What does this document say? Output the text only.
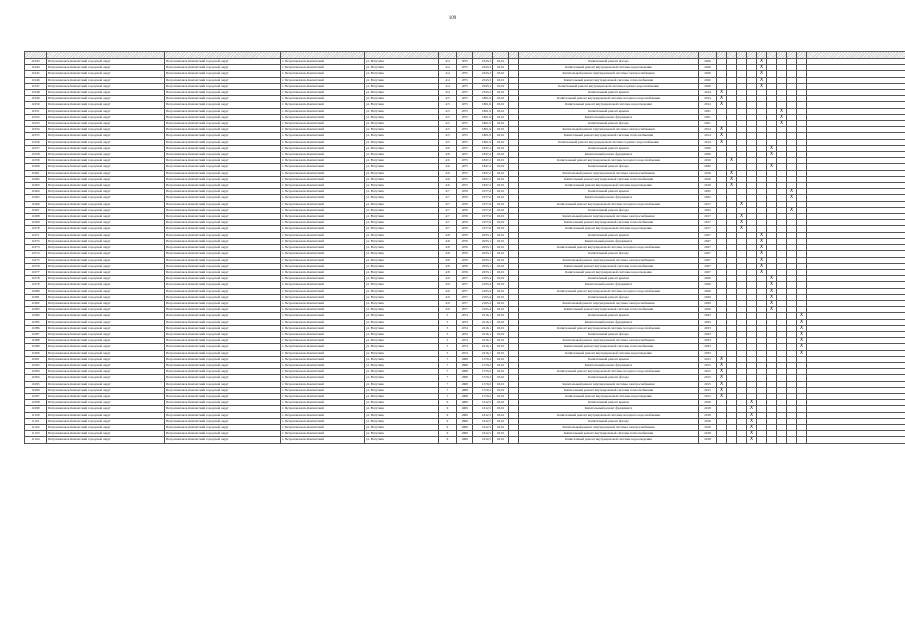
109

11043	Петропавловск-Камчатский городской округ	Петропавловск-Камчатский городской округ	г. Петропавловск-Камчатский	ул. Ватутина	4/4	1975	2343,3	18,01		Капитальный ремонт фасада	2026					X					
11044	Петропавловск-Камчатский городской округ	Петропавловск-Камчатский городской округ	г. Петропавловск-Камчатский	ул. Ватутина	4/4	1975	2343,3	18,01		Капитальный ремонт внутридомовой системы водоотведения	2026					X					
11045	Петропавловск-Камчатский городской округ	Петропавловск-Камчатский городской округ	г. Петропавловск-Камчатский	ул. Ватутина	4/4	1975	2343,3	18,01		Капитальный ремонт внутридомовой системы электроснабжения	2026					X					
11046	Петропавловск-Камчатский городской округ	Петропавловск-Камчатский городской округ	г. Петропавловск-Камчатский	ул. Ватутина	4/4	1975	2343,3	18,01		Капитальный ремонт внутридомовой системы теплоснабжения	2026					X					
11047	Петропавловск-Камчатский городской округ	Петропавловск-Камчатский городской округ	г. Петропавловск-Камчатский	ул. Ватутина	4/4	1975	2343,3	18,01		Капитальный ремонт внутридомовой системы горячего водоснабжения	2026					X					
11048	Петропавловск-Камчатский городской округ	Петропавловск-Камчатский городской округ	г. Петропавловск-Камчатский	ул. Ватутина	4/4	1975	2343,3	18,01		Капитальный ремонт крыши	2014	X									
11049	Петропавловск-Камчатский городской округ	Петропавловск-Камчатский городской округ	г. Петропавловск-Камчатский	ул. Ватутина	4/5	1975	1801,9	18,01		Капитальный ремонт внутридомовой системы холодного водоснабжения	2014	X									
11050	Петропавловск-Камчатский городской округ	Петропавловск-Камчатский городской округ	г. Петропавловск-Камчатский	ул. Ватутина	4/5	1975	1801,9	18,01		Капитальный ремонт внутридомовой системы водоотведения	2014	X									
11051	Петропавловск-Камчатский городской округ	Петропавловск-Камчатский городской округ	г. Петропавловск-Камчатский	ул. Ватутина	4/5	1975	1801,9	18,01		Капитальный ремонт крыши	2031							X			
11052	Петропавловск-Камчатский городской округ	Петропавловск-Камчатский городской округ	г. Петропавловск-Камчатский	ул. Ватутина	4/5	1975	1801,9	18,01		Капитальный ремонт фундамента	2031							X			
11053	Петропавловск-Камчатский городской округ	Петропавловск-Камчатский городской округ	г. Петропавловск-Камчатский	ул. Ватутина	4/5	1975	1801,9	18,01		Капитальный ремонт фасада	2031							X			
11054	Петропавловск-Камчатский городской округ	Петропавловск-Камчатский городской округ	г. Петропавловск-Камчатский	ул. Ватутина	4/5	1975	1801,9	18,01		Капитальный ремонт внутридомовой системы электроснабжения	2014	X									
11055	Петропавловск-Камчатский городской округ	Петропавловск-Камчатский городской округ	г. Петропавловск-Камчатский	ул. Ватутина	4/5	1975	1801,9	18,01		Капитальный ремонт внутридомовой системы теплоснабжения	2014	X									
11056	Петропавловск-Камчатский городской округ	Петропавловск-Камчатский городской округ	г. Петропавловск-Камчатский	ул. Ватутина	4/5	1975	1801,9	18,01		Капитальный ремонт внутридомовой системы горячего водоснабжения	2014	X									
11057	Петропавловск-Камчатский городской округ	Петропавловск-Камчатский городской округ	г. Петропавловск-Камчатский	ул. Ватутина	4/6	1975	1847,2	18,01		Капитальный ремонт крыши	2030						X				
11058	Петропавловск-Камчатский городской округ	Петропавловск-Камчатский городской округ	г. Петропавловск-Камчатский	ул. Ватутина	4/6	1975	1847,2	18,01		Капитальный ремонт фундамента	2030						X				
11059	Петропавловск-Камчатский городской округ	Петропавловск-Камчатский городской округ	г. Петропавловск-Камчатский	ул. Ватутина	4/6	1975	1847,2	18,01		Капитальный ремонт внутридомовой системы холодного водоснабжения	2016		X								
11060	Петропавловск-Камчатский городской округ	Петропавловск-Камчатский городской округ	г. Петропавловск-Камчатский	ул. Ватутина	4/6	1975	1847,2	18,01		Капитальный ремонт фасада	2030						X				
11061	Петропавловск-Камчатский городской округ	Петропавловск-Камчатский городской округ	г. Петропавловск-Камчатский	ул. Ватутина	4/6	1975	1847,2	18,01		Капитальный ремонт внутридомовой системы электроснабжения	2016		X								
11062	Петропавловск-Камчатский городской округ	Петропавловск-Камчатский городской округ	г. Петропавловск-Камчатский	ул. Ватутина	4/6	1975	1847,2	18,01		Капитальный ремонт внутридомовой системы теплоснабжения	2016		X								
11063	Петропавловск-Камчатский городской округ	Петропавловск-Камчатский городской округ	г. Петропавловск-Камчатский	ул. Ватутина	4/6	1975	1847,2	18,01		Капитальный ремонт внутридомовой системы водоотведения	2016		X								
11064	Петропавловск-Камчатский городской округ	Петропавловск-Камчатский городской округ	г. Петропавловск-Камчатский	ул. Ватутина	4/7	1976	1977,6	18,01		Капитальный ремонт крыши	2032								X		
11065	Петропавловск-Камчатский городской округ	Петропавловск-Камчатский городской округ	г. Петропавловск-Камчатский	ул. Ватутина	4/7	1976	1977,6	18,01		Капитальный ремонт фундамента	2032								X		
11066	Петропавловск-Камчатский городской округ	Петропавловск-Камчатский городской округ	г. Петропавловск-Камчатский	ул. Ватутина	4/7	1976	1977,6	18,01		Капитальный ремонт внутридомовой системы холодного водоснабжения	2017			X							
11067	Петропавловск-Камчатский городской округ	Петропавловск-Камчатский городской округ	г. Петропавловск-Камчатский	ул. Ватутина	4/7	1976	1977,6	18,01		Капитальный ремонт фасада	2032								X		
11068	Петропавловск-Камчатский городской округ	Петропавловск-Камчатский городской округ	г. Петропавловск-Камчатский	ул. Ватутина	4/7	1976	1977,6	18,01		Капитальный ремонт внутридомовой системы электроснабжения	2017			X							
11069	Петропавловск-Камчатский городской округ	Петропавловск-Камчатский городской округ	г. Петропавловск-Камчатский	ул. Ватутина	4/7	1976	1977,6	18,01		Капитальный ремонт внутридомовой системы теплоснабжения	2017			X							
11070	Петропавловск-Камчатский городской округ	Петропавловск-Камчатский городской округ	г. Петропавловск-Камчатский	ул. Ватутина	4/7	1976	1977,6	18,01		Капитальный ремонт внутридомовой системы водоотведения	2017			X							
11071	Петропавловск-Камчатский городской округ	Петропавловск-Камчатский городской округ	г. Петропавловск-Камчатский	ул. Ватутина	4/8	1976	2033,1	18,01		Капитальный ремонт крыши	2027					X					
11072	Петропавловск-Камчатский городской округ	Петропавловск-Камчатский городской округ	г. Петропавловск-Камчатский	ул. Ватутина	4/8	1976	2033,1	18,01		Капитальный ремонт фундамента	2027					X					
11073	Петропавловск-Камчатский городской округ	Петропавловск-Камчатский городской округ	г. Петропавловск-Камчатский	ул. Ватутина	4/8	1976	2033,1	18,01		Капитальный ремонт внутридомовой системы холодного водоснабжения	2027					X					
11074	Петропавловск-Камчатский городской округ	Петропавловск-Камчатский городской округ	г. Петропавловск-Камчатский	ул. Ватутина	4/8	1976	2033,1	18,01		Капитальный ремонт фасада	2027					X					
11075	Петропавловск-Камчатский городской округ	Петропавловск-Камчатский городской округ	г. Петропавловск-Камчатский	ул. Ватутина	4/8	1976	2033,1	18,01		Капитальный ремонт внутридомовой системы электроснабжения	2027					X					
11076	Петропавловск-Камчатский городской округ	Петропавловск-Камчатский городской округ	г. Петропавловск-Камчатский	ул. Ватутина	4/8	1976	2033,1	18,01		Капитальный ремонт внутридомовой системы теплоснабжения	2027					X					
11077	Петропавловск-Камчатский городской округ	Петропавловск-Камчатский городской округ	г. Петропавловск-Камчатский	ул. Ватутина	4/8	1976	2033,1	18,01		Капитальный ремонт внутридомовой системы водоотведения	2027					X					
11078	Петропавловск-Камчатский городской округ	Петропавловск-Камчатский городской округ	г. Петропавловск-Камчатский	ул. Ватутина	4/9	1977	2165,4	18,01		Капитальный ремонт крыши	2029						X				
11079	Петропавловск-Камчатский городской округ	Петропавловск-Камчатский городской округ	г. Петропавловск-Камчатский	ул. Ватутина	4/9	1977	2165,4	18,01		Капитальный ремонт фундамента	2029						X				
11080	Петропавловск-Камчатский городской округ	Петропавловск-Камчатский городской округ	г. Петропавловск-Камчатский	ул. Ватутина	4/9	1977	2165,4	18,01		Капитальный ремонт внутридомовой системы холодного водоснабжения	2029						X				
11081	Петропавловск-Камчатский городской округ	Петропавловск-Камчатский городской округ	г. Петропавловск-Камчатский	ул. Ватутина	4/9	1977	2165,4	18,01		Капитальный ремонт фасада	2029						X				
11082	Петропавловск-Камчатский городской округ	Петропавловск-Камчатский городской округ	г. Петропавловск-Камчатский	ул. Ватутина	4/9	1977	2165,4	18,01		Капитальный ремонт внутридомовой системы электроснабжения	2029						X				
11083	Петропавловск-Камчатский городской округ	Петропавловск-Камчатский городской округ	г. Петропавловск-Камчатский	ул. Ватутина	4/9	1977	2165,4	18,01		Капитальный ремонт внутридомовой системы теплоснабжения	2029						X				
11084	Петропавловск-Камчатский городской округ	Петропавловск-Камчатский городской округ	г. Петропавловск-Камчатский	ул. Ватутина	5	1974	2216,1	18,01		Капитальный ремонт крыши	2033									X	
11085	Петропавловск-Камчатский городской округ	Петропавловск-Камчатский городской округ	г. Петропавловск-Камчатский	ул. Ватутина	5	1974	2216,1	18,01		Капитальный ремонт фундамента	2033									X	
11086	Петропавловск-Камчатский городской округ	Петропавловск-Камчатский городской округ	г. Петропавловск-Камчатский	ул. Ватутина	5	1974	2216,1	18,01		Капитальный ремонт внутридомовой системы холодного водоснабжения	2033									X	
11087	Петропавловск-Камчатский городской округ	Петропавловск-Камчатский городской округ	г. Петропавловск-Камчатский	ул. Ватутина	5	1974	2216,1	18,01		Капитальный ремонт фасада	2033									X	
11088	Петропавловск-Камчатский городской округ	Петропавловск-Камчатский городской округ	г. Петропавловск-Камчатский	ул. Ватутина	5	1974	2216,1	18,01		Капитальный ремонт внутридомовой системы электроснабжения	2033									X	
11089	Петропавловск-Камчатский городской округ	Петропавловск-Камчатский городской округ	г. Петропавловск-Камчатский	ул. Ватутина	5	1974	2216,1	18,01		Капитальный ремонт внутридомовой системы теплоснабжения	2033									X	
11090	Петропавловск-Камчатский городской округ	Петропавловск-Камчатский городской округ	г. Петропавловск-Камчатский	ул. Ватутина	5	1974	2216,1	18,01		Капитальный ремонт внутридомовой системы водоотведения	2033									X	
11091	Петропавловск-Камчатский городской округ	Петропавловск-Камчатский городской округ	г. Петропавловск-Камчатский	ул. Ватутина	7	1968	1570,2	18,01		Капитальный ремонт крыши	2015	X									
11092	Петропавловск-Камчатский городской округ	Петропавловск-Камчатский городской округ	г. Петропавловск-Камчатский	ул. Ватутина	7	1968	1570,2	18,01		Капитальный ремонт фундамента	2015	X									
11093	Петропавловск-Камчатский городской округ	Петропавловск-Камчатский городской округ	г. Петропавловск-Камчатский	ул. Ватутина	7	1968	1570,2	18,01		Капитальный ремонт внутридомовой системы холодного водоснабжения	2015	X									
11094	Петропавловск-Камчатский городской округ	Петропавловск-Камчатский городской округ	г. Петропавловск-Камчатский	ул. Ватутина	7	1968	1570,2	18,01		Капитальный ремонт фасада	2015	X									
11095	Петропавловск-Камчатский городской округ	Петропавловск-Камчатский городской округ	г. Петропавловск-Камчатский	ул. Ватутина	7	1968	1570,2	18,01		Капитальный ремонт внутридомовой системы электроснабжения	2015	X									
11096	Петропавловск-Камчатский городской округ	Петропавловск-Камчатский городской округ	г. Петропавловск-Камчатский	ул. Ватутина	7	1968	1570,2	18,01		Капитальный ремонт внутридомовой системы теплоснабжения	2015	X									
11097	Петропавловск-Камчатский городской округ	Петропавловск-Камчатский городской округ	г. Петропавловск-Камчатский	ул. Ватутина	7	1968	1570,2	18,01		Капитальный ремонт внутридомовой системы водоотведения	2015	X									
11098	Петропавловск-Камчатский городской округ	Петропавловск-Камчатский городской округ	г. Петропавловск-Камчатский	ул. Ватутина	9	1969	1612,5	18,01		Капитальный ремонт крыши	2018				X						
11099	Петропавловск-Камчатский городской округ	Петропавловск-Камчатский городской округ	г. Петропавловск-Камчатский	ул. Ватутина	9	1969	1612,5	18,01		Капитальный ремонт фундамента	2018				X						
11100	Петропавловск-Камчатский городской округ	Петропавловск-Камчатский городской округ	г. Петропавловск-Камчатский	ул. Ватутина	9	1969	1612,5	18,01		Капитальный ремонт внутридомовой системы холодного водоснабжения	2018				X						
11101	Петропавловск-Камчатский городской округ	Петропавловск-Камчатский городской округ	г. Петропавловск-Камчатский	ул. Ватутина	9	1969	1612,5	18,01		Капитальный ремонт фасада	2018				X						
11102	Петропавловск-Камчатский городской округ	Петропавловск-Камчатский городской округ	г. Петропавловск-Камчатский	ул. Ватутина	9	1969	1612,5	18,01		Капитальный ремонт внутридомовой системы электроснабжения	2018				X						
11103	Петропавловск-Камчатский городской округ	Петропавловск-Камчатский городской округ	г. Петропавловск-Камчатский	ул. Ватутина	9	1969	1612,5	18,01		Капитальный ремонт внутридомовой системы теплоснабжения	2018				X						
11104	Петропавловск-Камчатский городской округ	Петропавловск-Камчатский городской округ	г. Петропавловск-Камчатский	ул. Ватутина	9	1969	1612,5	18,01		Капитальный ремонт внутридомовой системы водоотведения	2018				X						
